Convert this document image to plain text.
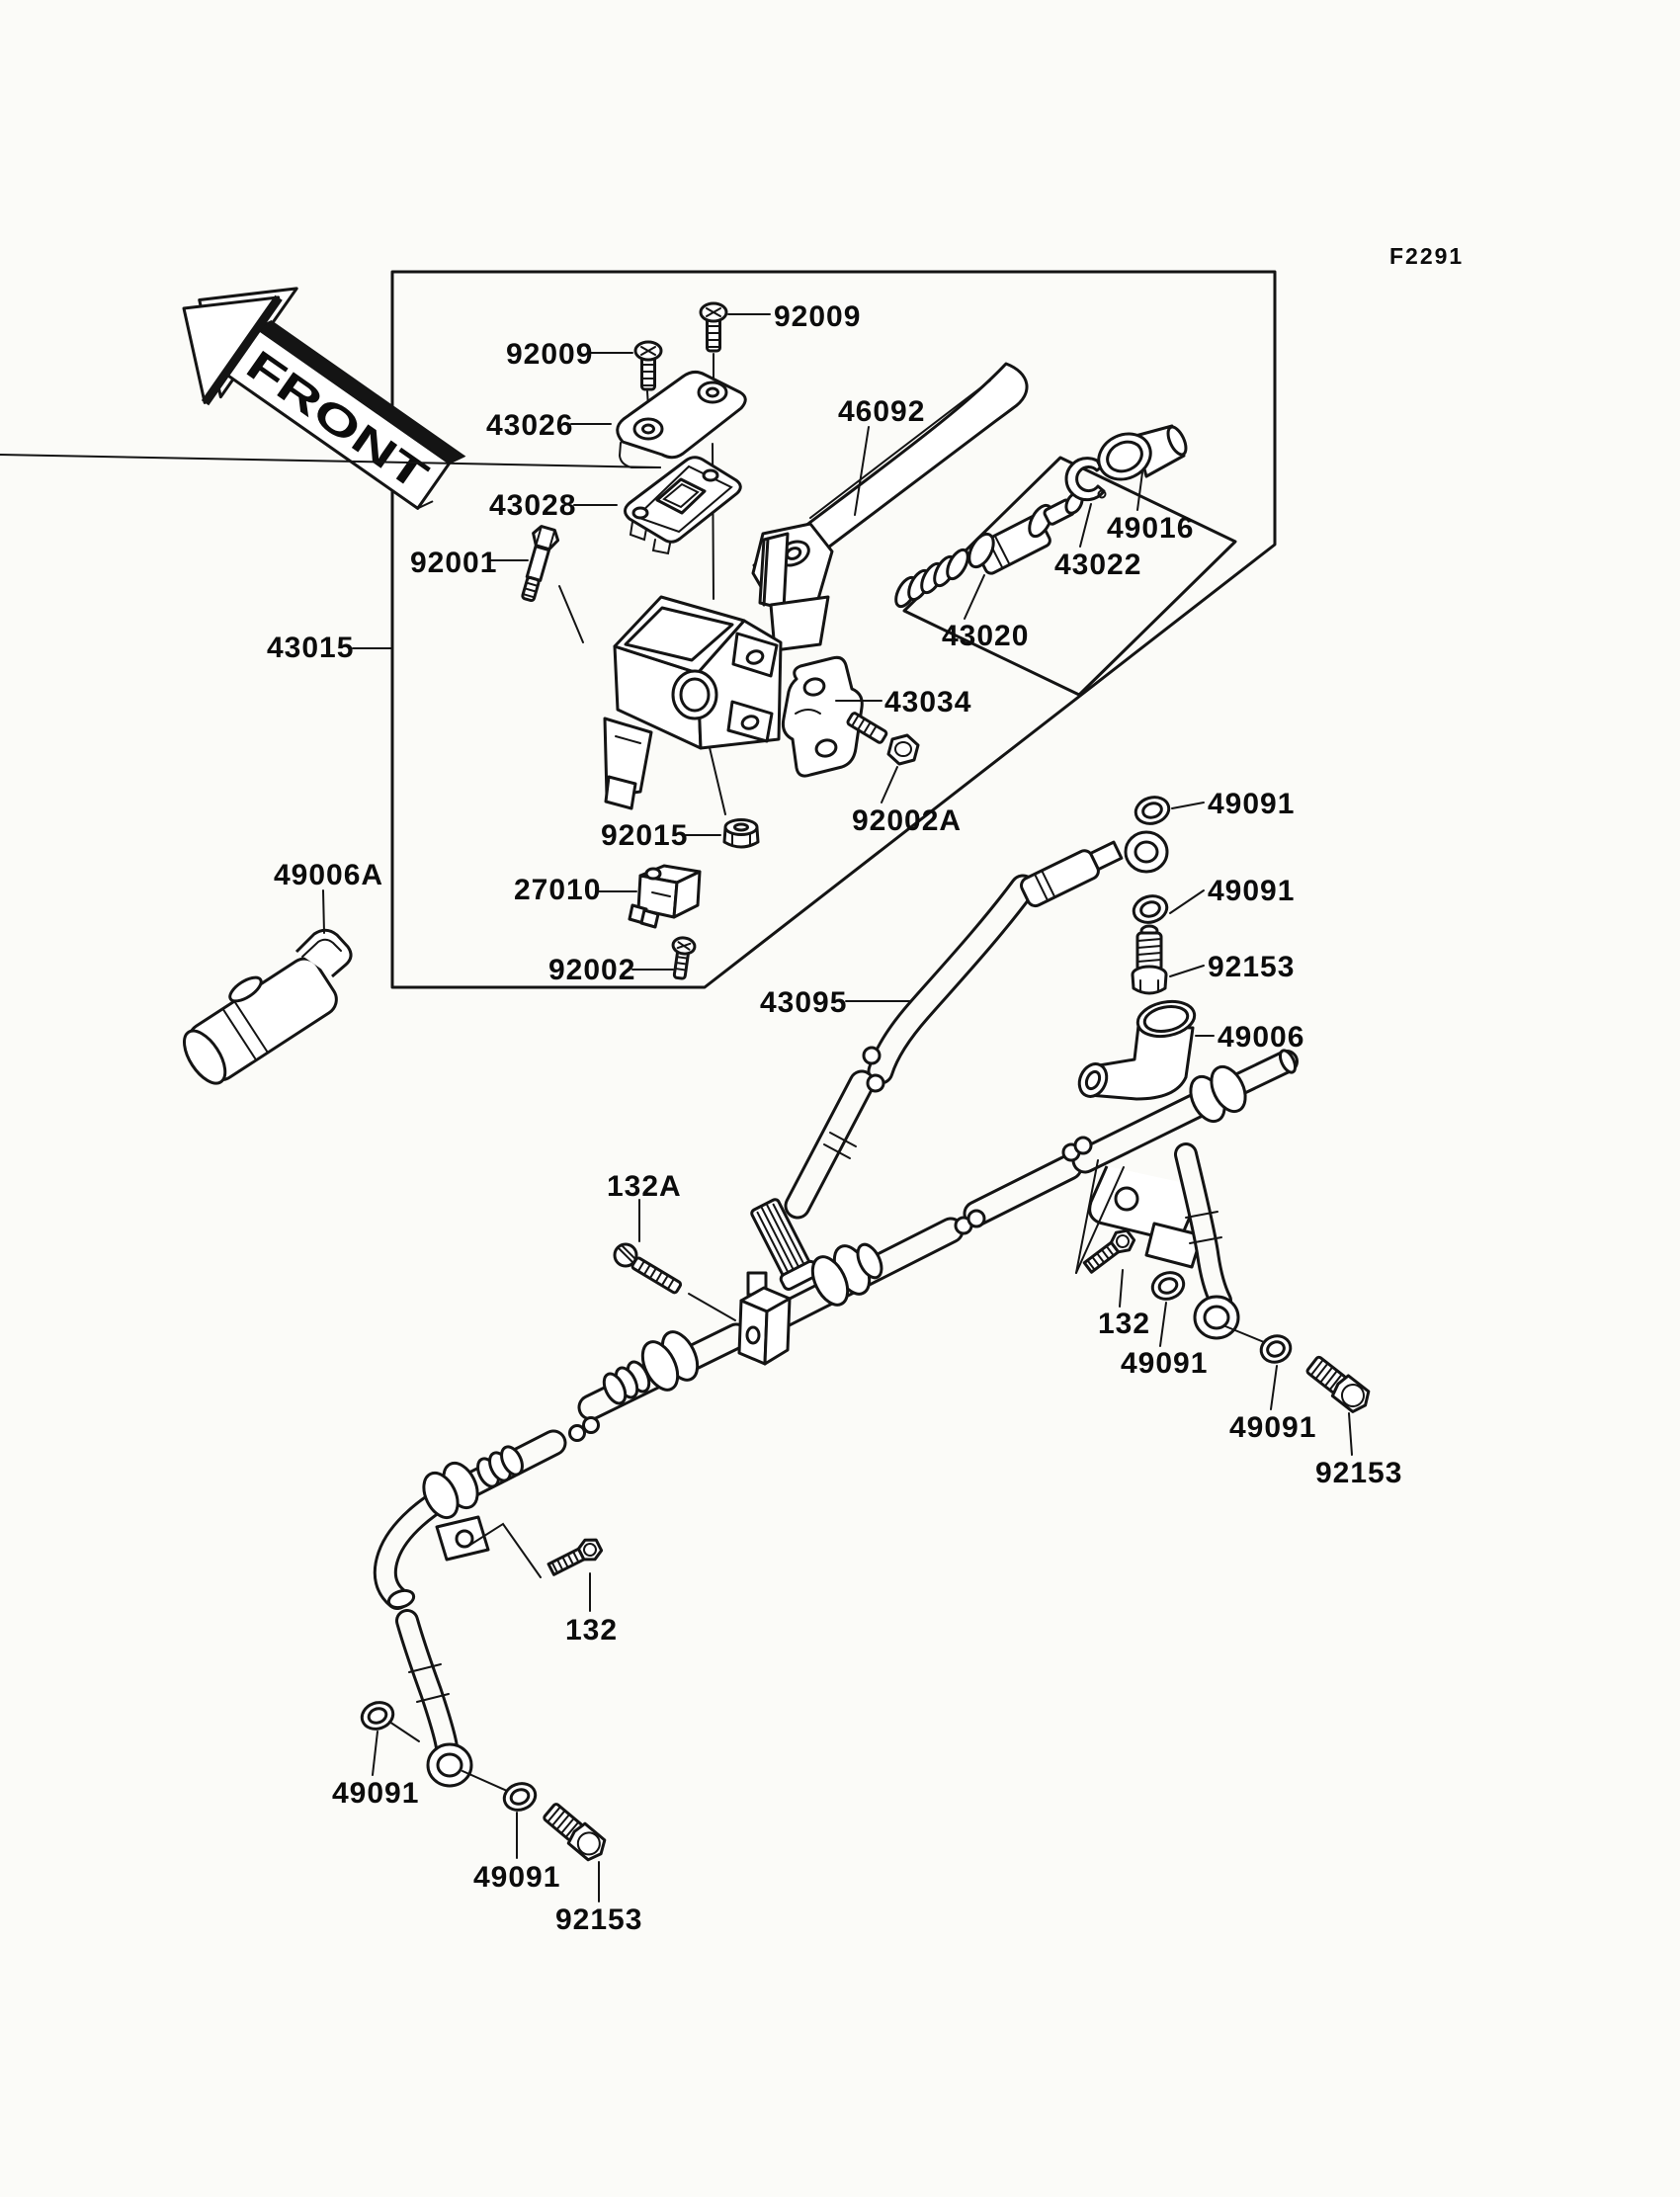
FRONT
F2291
92009
92009
43026
43028
92001
46092
49016
43022
43020
43034
43015
92015	92002A
27010
92002
49006A
49091
49091
92153
43095
49006
132A
132
49091
49091
92153
132
49091
49091
92153
